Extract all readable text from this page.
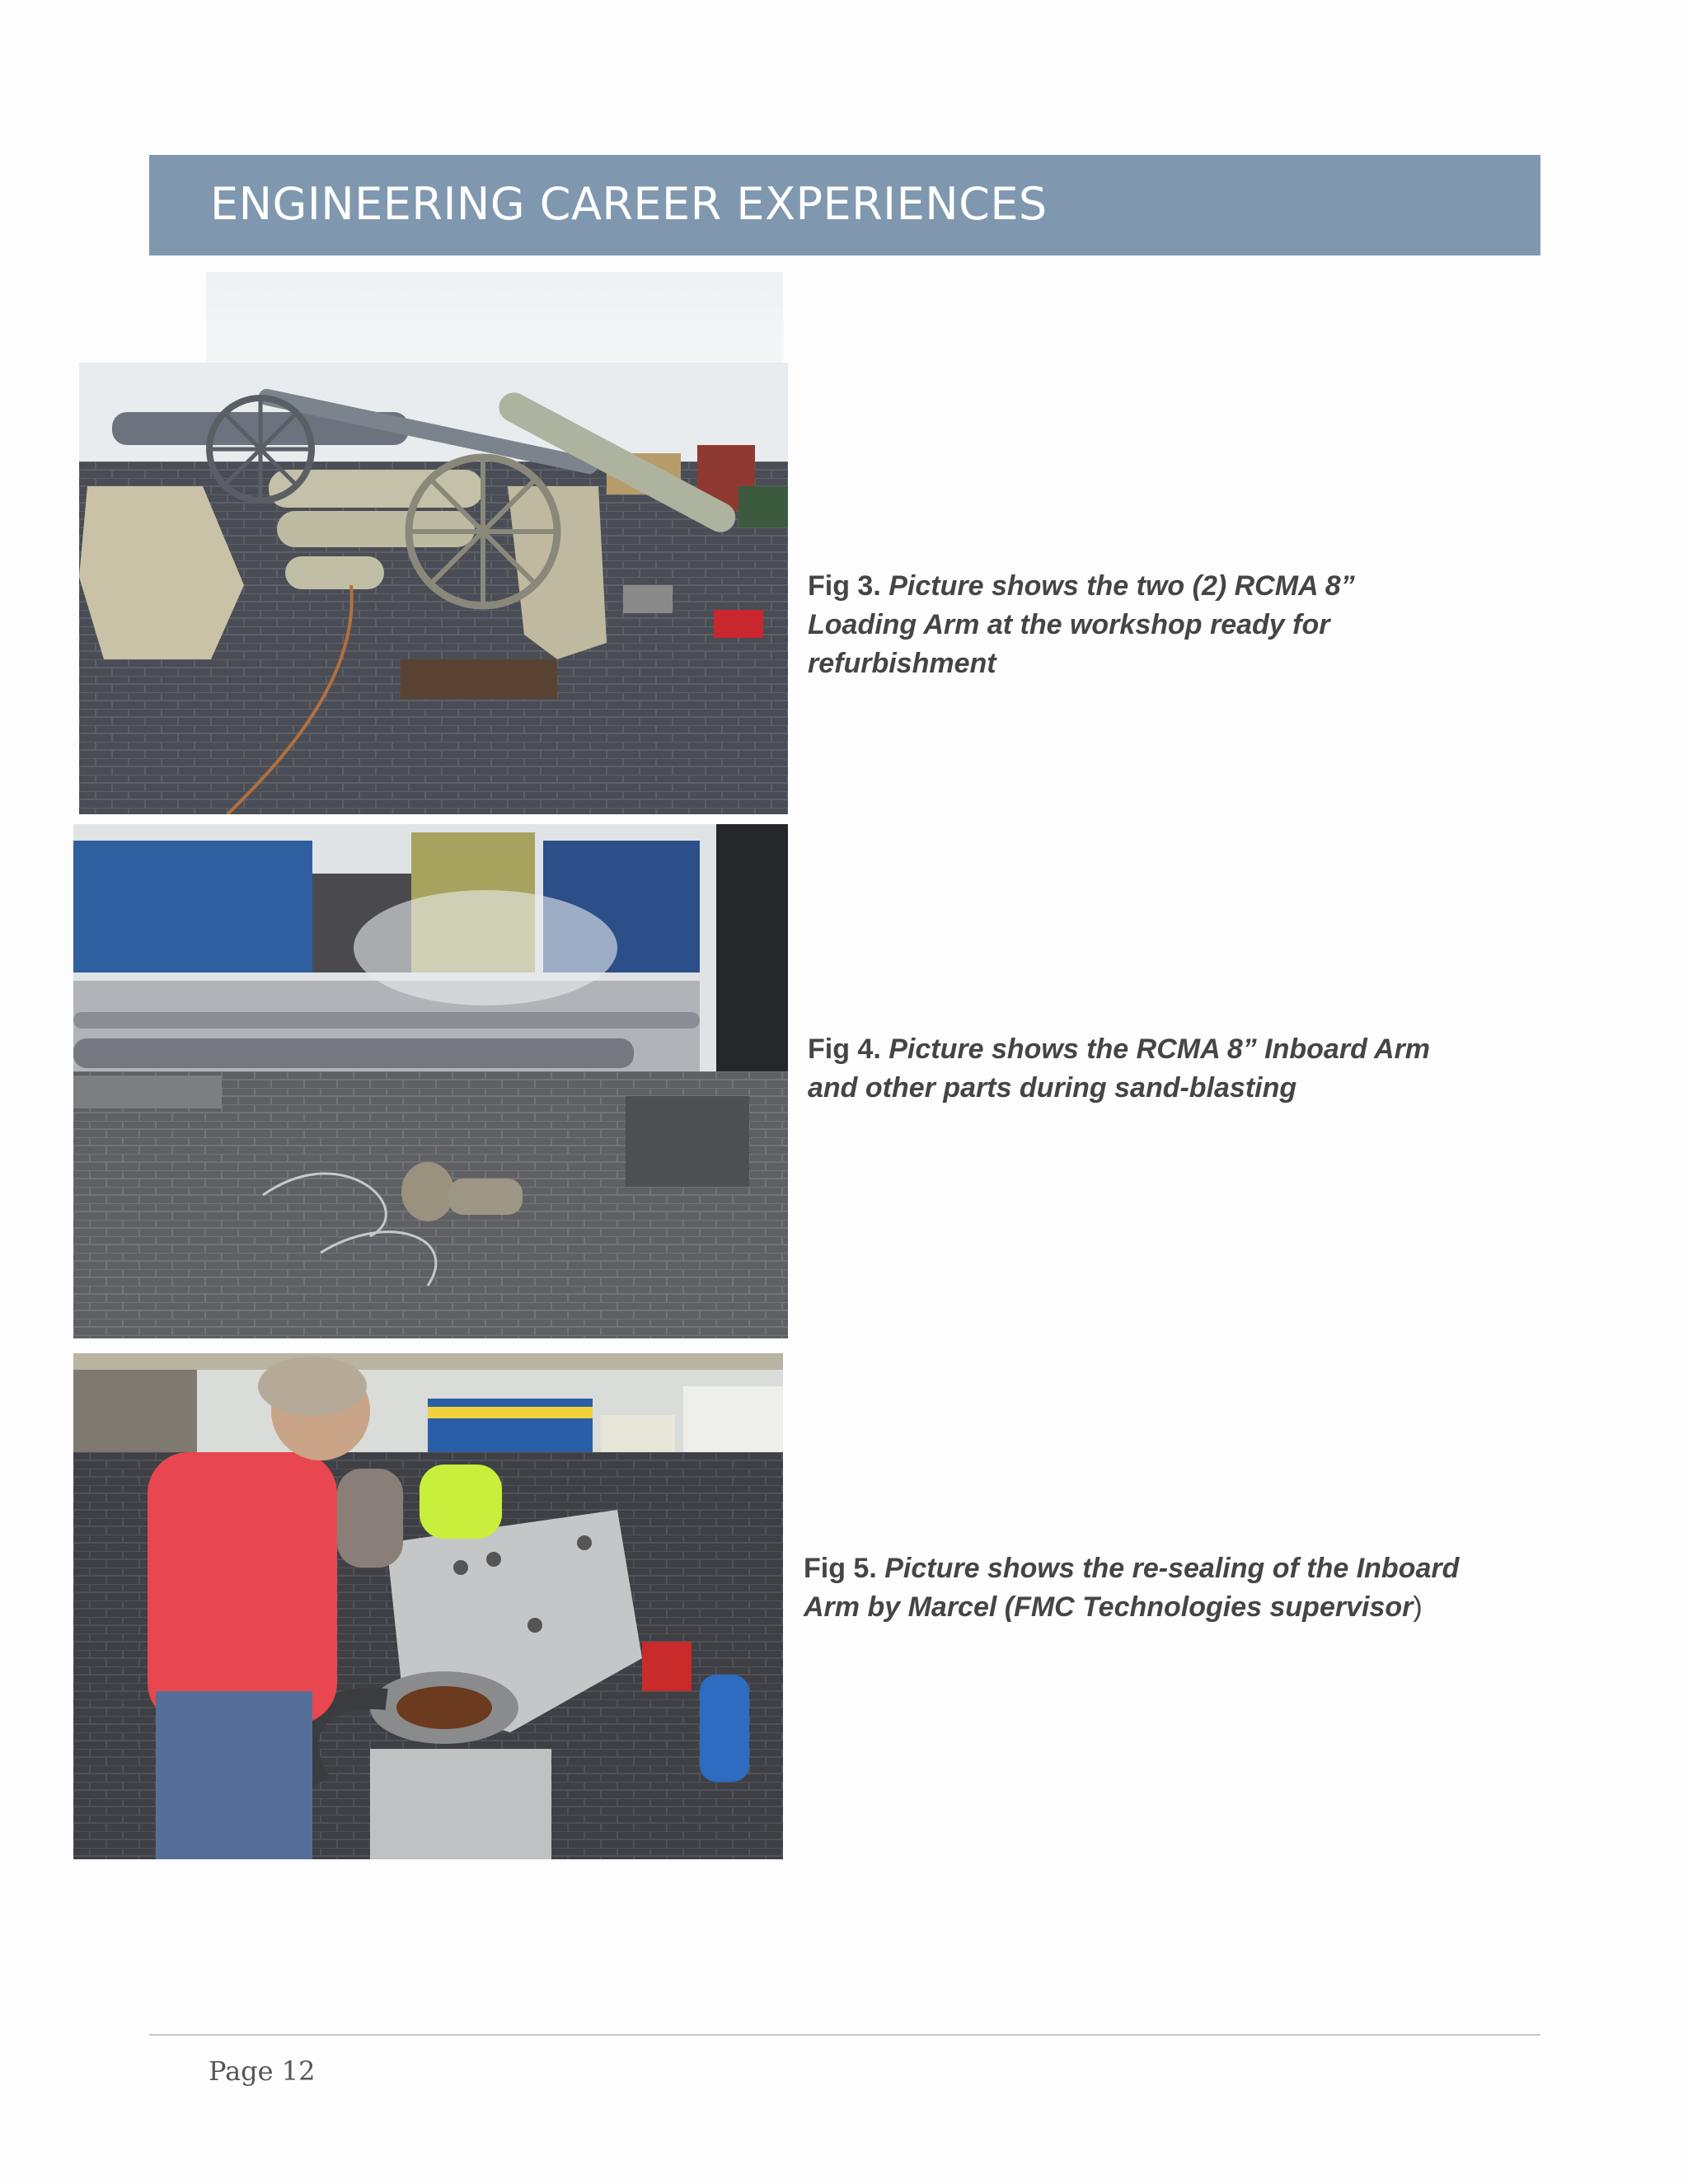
ENGINEERING CAREER EXPERIENCES
Fig 3. Picture shows the two (2) RCMA 8” Loading Arm at the workshop ready for refurbishment
Fig 4. Picture shows the RCMA 8” Inboard Arm and other parts during sand-blasting
Fig 5. Picture shows the re-sealing of the Inboard Arm by Marcel (FMC Technologies supervisor)
Page 12
